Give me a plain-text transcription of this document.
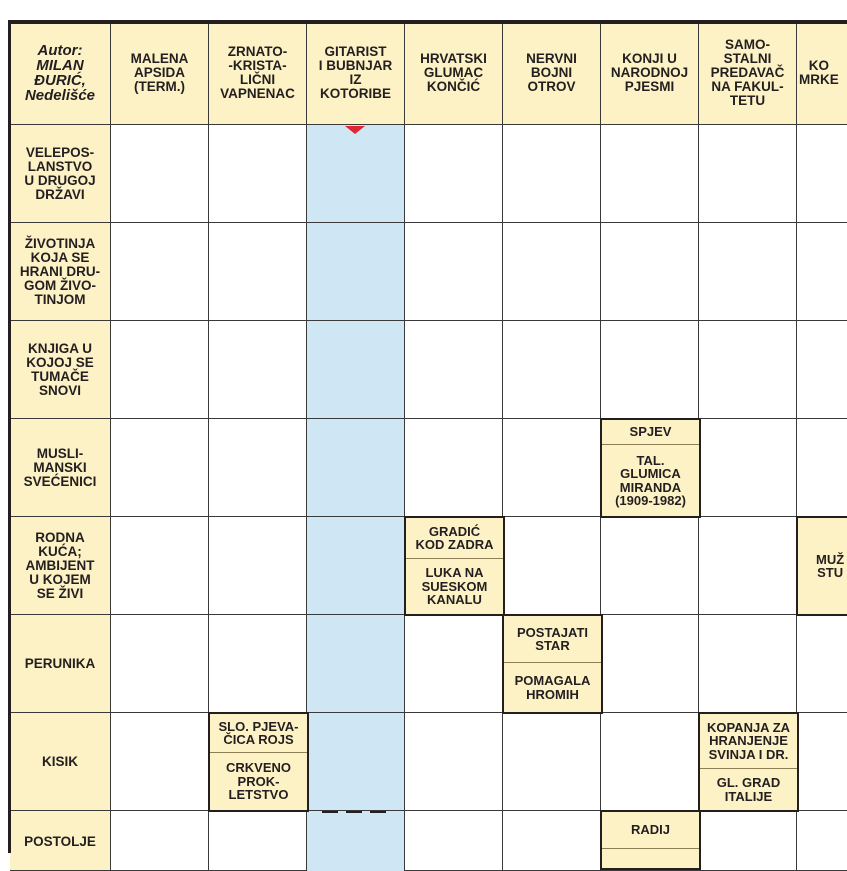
Autor:
MILAN
ĐURIĆ,
Nedelišće
MALENA
APSIDA
(TERM.)
ZRNATO-
-KRISTA-
LIČNI
VAPNENAC
GITARIST
I BUBNJAR
IZ
KOTORIBE
HRVATSKI
GLUMAC
KONČIĆ
NERVNI
BOJNI
OTROV
KONJI U
NARODNOJ
PJESMI
SAMO-
STALNI
PREDAVAČ
NA FAKUL-
TETU
KO
MRKE
VELEPOS-
LANSTVO
U DRUGOJ
DRŽAVI
ŽIVOTINJA
KOJA SE
HRANI DRU-
GOM ŽIVO-
TINJOM
KNJIGA U
KOJOJ SE
TUMAČE
SNOVI
MUSLI-
MANSKI
SVEĆENICI
RODNA
KUĆA;
AMBIJENT
U KOJEM
SE ŽIVI
PERUNIKA
KISIK
POSTOLJE
SPJEV
TAL.
GLUMICA
MIRANDA
(1909-1982)
GRADIĆ
KOD ZADRA
LUKA NA
SUESKOM
KANALU
POSTAJATI
STAR
POMAGALA
HROMIH
SLO. PJEVA-
ČICA ROJS
CRKVENO
PROK-
LETSTVO
KOPANJA ZA
HRANJENJE
SVINJA I DR.
GL. GRAD
ITALIJE
MUŽ
STU
RADIJ
